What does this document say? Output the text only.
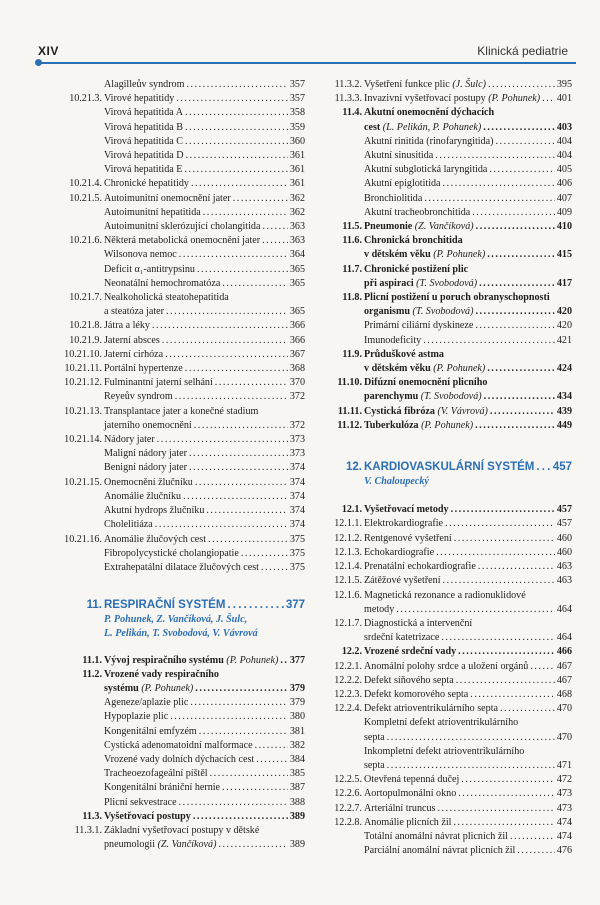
XIV	Klinická pediatrie
Alagilleův syndrom . . .	357
10.21.3. Virové hepatitidy . . .	357
Virová hepatitida A . . .	358
Virová hepatitida B . . .	359
Virová hepatitida C . . .	360
Virová hepatitida D . . .	361
Virová hepatitida E . . .	361
10.21.4. Chronické hepatitidy . . .	361
10.21.5. Autoimunitní onemocnění jater . . .	362
Autoimunitní hepatitida . . .	362
Autoimunitní sklerózující cholangitida . . .	363
10.21.6. Některá metabolická onemocnění jater . . .	363
Wilsonova nemoc . . .	364
Deficit α₁-antitrypsinu . . .	365
Neonatální hemochromatóza . . .	365
10.21.7. Nealkoholická steatohepatitida
a steatóza jater . . .	365
10.21.8. Játra a léky . . .	366
10.21.9. Jaterní absces . . .	366
10.21.10. Jaterní cirhóza . . .	367
10.21.11. Portální hypertenze . . .	368
10.21.12. Fulminantní jaterní selhání . . .	370
Reyeův syndrom . . .	372
10.21.13. Transplantace jater a konečné stadium
jaterního onemocnění . . .	372
10.21.14. Nádory jater . . .	373
Maligní nádory jater . . .	373
Benigní nádory jater . . .	374
10.21.15. Onemocnění žlučníku . . .	374
Anomálie žlučníku . . .	374
Akutní hydrops žlučníku . . .	374
Cholelitiáza . . .	374
10.21.16. Anomálie žlučových cest . . .	375
Fibropolycystické cholangiopatie . . .	375
Extrahepatální dilatace žlučových cest . . .	375
11. RESPIRAČNÍ SYSTÉM . . .	377
P. Pohunek, Z. Vančíková, J. Šulc,
L. Pelikán, T. Svobodová, V. Vávrová
11.1. Vývoj respiračního systému
(P. Pohunek) . . . 377
11.2. Vrozené vady respiračního
systému
(P. Pohunek) . . .	379
Ageneze/aplazie plic . . .	379
Hypoplazie plic . . .	380
Kongenitální emfyzém . . .	381
Cystická adenomatoidní malformace . . .	382
Vrozené vady dolních dýchacích cest . . .	384
Tracheoezofageální píštěl . . .	385
Kongenitální brániční hernie . . .	387
Plicní sekvestrace . . .	388
11.3. Vyšetřovací postupy . . .	389
11.3.1. Základní vyšetřovací postupy v dětské
pneumologii
(Z. Vančíková) . . .	389
11.3.2. Vyšetření funkce plic
(J. Šulc) . . .	395
11.3.3. Invazivní vyšetřovací postupy
(P. Pohunek) . . . 401
11.4. Akutní onemocnění dýchacích
cest
(L. Pelikán, P. Pohunek) . . .	403
Akutní rinitida (rinofaryngitida) . . .	404
Akutní sinusitida . . .	404
Akutní subglotická laryngitida . . .	405
Akutní epiglotitida . . .	406
Bronchiolitida . . .	407
Akutní tracheobronchitida . . .	409
11.5. Pneumonie
(Z. Vančíková) . . .	410
11.6. Chronická bronchitida
v dětském věku
(P. Pohunek) . . .	415
11.7. Chronické postižení plic
při aspiraci
(T. Svobodová) . . .	417
11.8. Plicní postižení u poruch obranyschopnosti
organismu
(T. Svobodová) . . .	420
Primární ciliární dyskineze . . .	420
Imunodeficity . . .	421
11.9. Průduškové astma
v dětském věku
(P. Pohunek) . . .	424
11.10. Difúzní onemocnění plicního
parenchymu
(T. Svobodová) . . .	434
11.11. Cystická fibróza
(V. Vávrová) . . .	439
11.12. Tuberkulóza
(P. Pohunek) . . .	449
12. KARDIOVASKULÁRNÍ SYSTÉM . . . 457
V. Chaloupecký
12.1. Vyšetřovací metody . . .	457
12.1.1. Elektrokardiografie . . .	457
12.1.2. Rentgenové vyšetření . . .	460
12.1.3. Echokardiografie . . .	460
12.1.4. Prenatální echokardiografie . . .	463
12.1.5. Zátěžové vyšetření . . .	463
12.1.6. Magnetická rezonance a radionuklidové
metody . . .	464
12.1.7. Diagnostická a intervenční
srdeční katetrizace . . .	464
12.2. Vrozené srdeční vady . . .	466
12.2.1. Anomální polohy srdce a uložení orgánů . . .	467
12.2.2. Defekt síňového septa . . .	467
12.2.3. Defekt komorového septa . . .	468
12.2.4. Defekt atrioventrikulárního septa . . .	470
Kompletní defekt atrioventrikulárního
septa . . .	470
Inkompletní defekt atrioventrikulárního
septa . . .	471
12.2.5. Otevřená tepenná dučej . . .	472
12.2.6. Aortopulmonální okno . . .	473
12.2.7. Arteriální truncus . . .	473
12.2.8. Anomálie plicních žil . . .	474
Totální anomální návrat plicních žil . . .	474
Parciální anomální návrat plicních žil . . .	476
